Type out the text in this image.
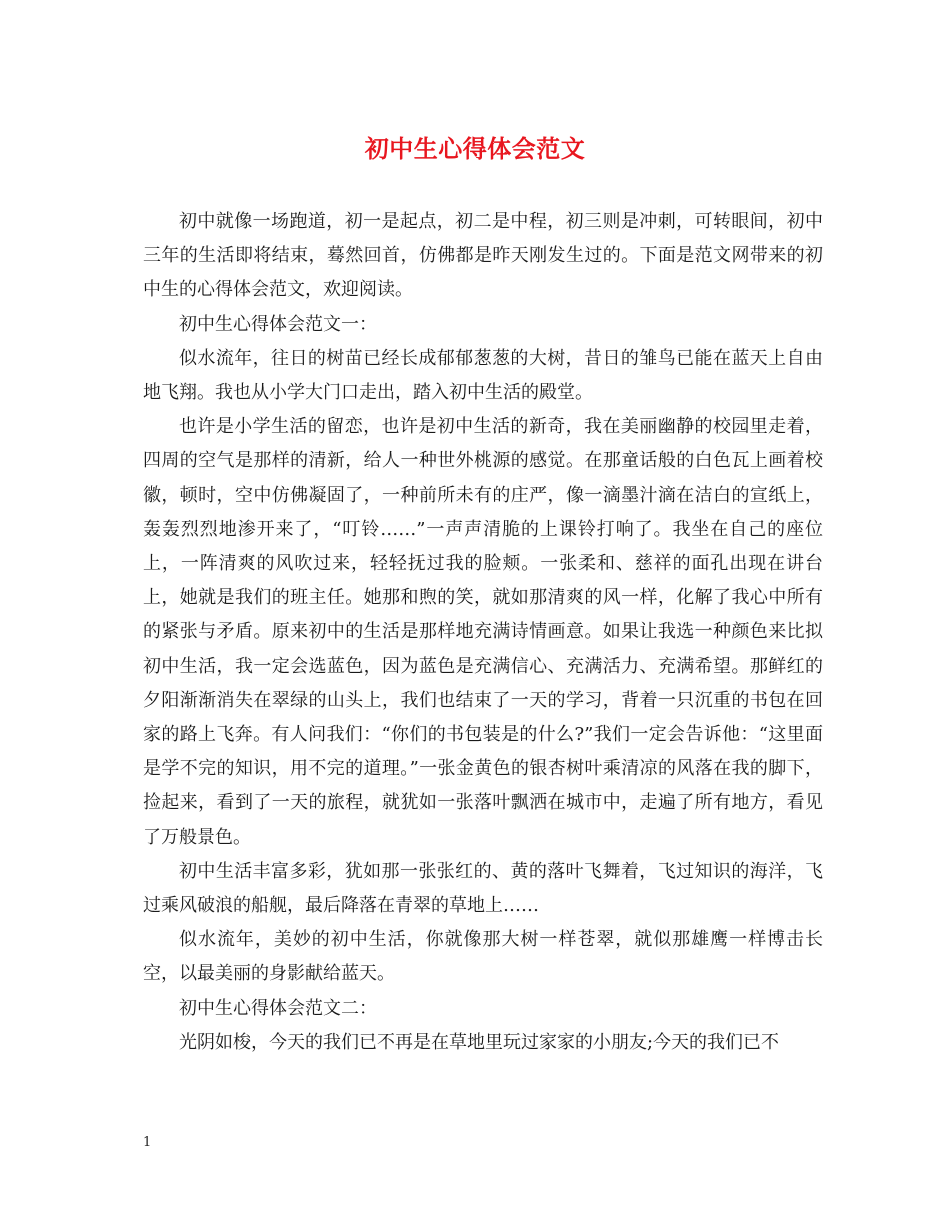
初中生心得体会范文

初中就像一场跑道，初一是起点，初二是中程，初三则是冲刺，可转眼间，初中三年的生活即将结束，蓦然回首，仿佛都是昨天刚发生过的。下面是范文网带来的初中生的心得体会范文，欢迎阅读。

初中生心得体会范文一：

似水流年，往日的树苗已经长成郁郁葱葱的大树，昔日的雏鸟已能在蓝天上自由地飞翔。我也从小学大门口走出，踏入初中生活的殿堂。

也许是小学生活的留恋，也许是初中生活的新奇，我在美丽幽静的校园里走着，四周的空气是那样的清新，给人一种世外桃源的感觉。在那童话般的白色瓦上画着校徽，顿时，空中仿佛凝固了，一种前所未有的庄严，像一滴墨汁滴在洁白的宣纸上，轰轰烈烈地渗开来了，“叮铃……”一声声清脆的上课铃打响了。我坐在自己的座位上，一阵清爽的风吹过来，轻轻抚过我的脸颊。一张柔和、慈祥的面孔出现在讲台上，她就是我们的班主任。她那和煦的笑，就如那清爽的风一样，化解了我心中所有的紧张与矛盾。原来初中的生活是那样地充满诗情画意。如果让我选一种颜色来比拟初中生活，我一定会选蓝色，因为蓝色是充满信心、充满活力、充满希望。那鲜红的夕阳渐渐消失在翠绿的山头上，我们也结束了一天的学习，背着一只沉重的书包在回家的路上飞奔。有人问我们：“你们的书包装是的什么?”我们一定会告诉他：“这里面是学不完的知识，用不完的道理。”一张金黄色的银杏树叶乘清凉的风落在我的脚下，捡起来，看到了一天的旅程，就犹如一张落叶飘洒在城市中，走遍了所有地方，看见了万般景色。

初中生活丰富多彩，犹如那一张张红的、黄的落叶飞舞着，飞过知识的海洋，飞过乘风破浪的船舰，最后降落在青翠的草地上……

似水流年，美妙的初中生活，你就像那大树一样苍翠，就似那雄鹰一样博击长空，以最美丽的身影献给蓝天。

初中生心得体会范文二：

光阴如梭，今天的我们已不再是在草地里玩过家家的小朋友;今天的我们已不

1
